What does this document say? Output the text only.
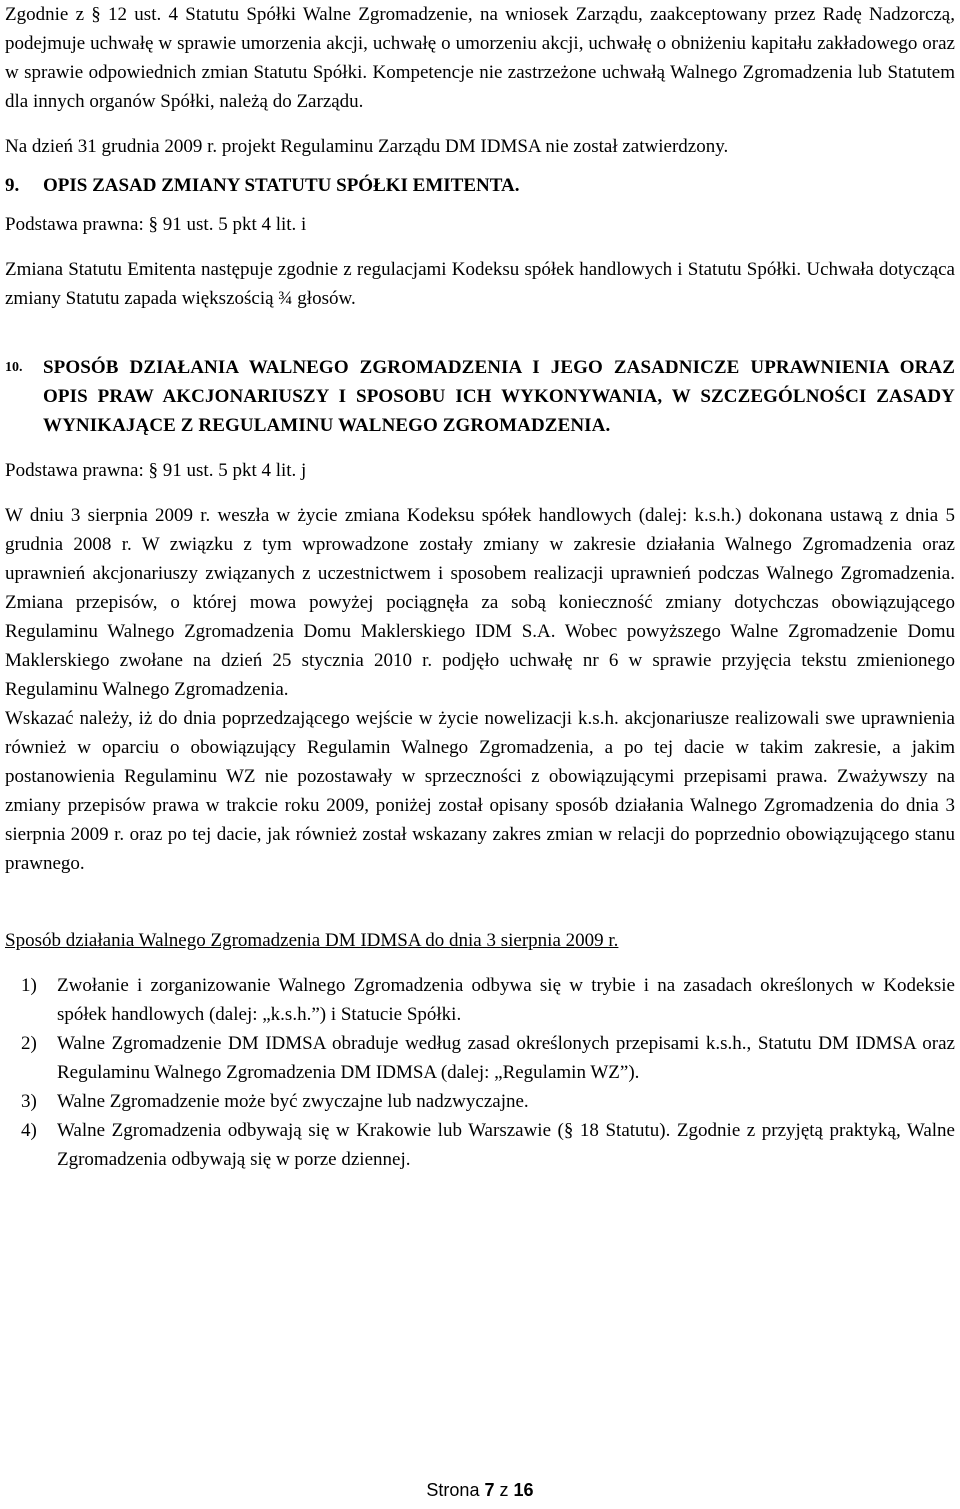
Zgodnie z § 12 ust. 4 Statutu Spółki Walne Zgromadzenie, na wniosek Zarządu, zaakceptowany przez Radę Nadzorczą, podejmuje uchwałę w sprawie umorzenia akcji, uchwałę o umorzeniu akcji, uchwałę o obniżeniu kapitału zakładowego oraz w sprawie odpowiednich zmian Statutu Spółki. Kompetencje nie zastrzeżone uchwałą Walnego Zgromadzenia lub Statutem dla innych organów Spółki, należą do Zarządu.

Na dzień 31 grudnia 2009 r. projekt Regulaminu Zarządu DM IDMSA nie został zatwierdzony.

9.	OPIS ZASAD ZMIANY STATUTU SPÓŁKI EMITENTA.

Podstawa prawna: § 91 ust. 5 pkt 4 lit. i

Zmiana Statutu Emitenta następuje zgodnie z regulacjami Kodeksu spółek handlowych i Statutu Spółki. Uchwała dotycząca zmiany Statutu zapada większością ¾ głosów.

10.	SPOSÓB DZIAŁANIA WALNEGO ZGROMADZENIA I JEGO ZASADNICZE UPRAWNIENIA ORAZ OPIS PRAW AKCJONARIUSZY I SPOSOBU ICH WYKONYWANIA, W SZCZEGÓLNOŚCI ZASADY WYNIKAJĄCE Z REGULAMINU WALNEGO ZGROMADZENIA.

Podstawa prawna: § 91 ust. 5 pkt 4 lit. j

W dniu 3 sierpnia 2009 r. weszła w życie zmiana Kodeksu spółek handlowych (dalej: k.s.h.) dokonana ustawą z dnia 5 grudnia 2008 r. W związku z tym wprowadzone zostały zmiany w zakresie działania Walnego Zgromadzenia oraz uprawnień akcjonariuszy związanych z uczestnictwem i sposobem realizacji uprawnień podczas Walnego Zgromadzenia. Zmiana przepisów, o której mowa powyżej pociągnęła za sobą konieczność zmiany dotychczas obowiązującego Regulaminu Walnego Zgromadzenia Domu Maklerskiego IDM S.A. Wobec powyższego Walne Zgromadzenie Domu Maklerskiego zwołane na dzień 25 stycznia 2010 r. podjęło uchwałę nr 6 w sprawie przyjęcia tekstu zmienionego Regulaminu Walnego Zgromadzenia.

Wskazać należy, iż do dnia poprzedzającego wejście w życie nowelizacji k.s.h. akcjonariusze realizowali swe uprawnienia również w oparciu o obowiązujący Regulamin Walnego Zgromadzenia, a po tej dacie w takim zakresie, a jakim postanowienia Regulaminu WZ nie pozostawały w sprzeczności z obowiązującymi przepisami prawa. Zważywszy na zmiany przepisów prawa w trakcie roku 2009, poniżej został opisany sposób działania Walnego Zgromadzenia do dnia 3 sierpnia 2009 r. oraz po tej dacie, jak również został wskazany zakres zmian w relacji do poprzednio obowiązującego stanu prawnego.

Sposób działania Walnego Zgromadzenia DM IDMSA do dnia 3 sierpnia 2009 r.

1)	Zwołanie i zorganizowanie Walnego Zgromadzenia odbywa się w trybie i na zasadach określonych w Kodeksie spółek handlowych (dalej: „k.s.h.”) i Statucie Spółki.
2)	Walne Zgromadzenie DM IDMSA obraduje według zasad określonych przepisami k.s.h., Statutu DM IDMSA oraz Regulaminu Walnego Zgromadzenia DM IDMSA (dalej: „Regulamin WZ”).
3)	Walne Zgromadzenie może być zwyczajne lub nadzwyczajne.
4)	Walne Zgromadzenia odbywają się w Krakowie lub Warszawie (§ 18 Statutu). Zgodnie z przyjętą praktyką, Walne Zgromadzenia odbywają się w porze dziennej.
Strona 7 z 16
